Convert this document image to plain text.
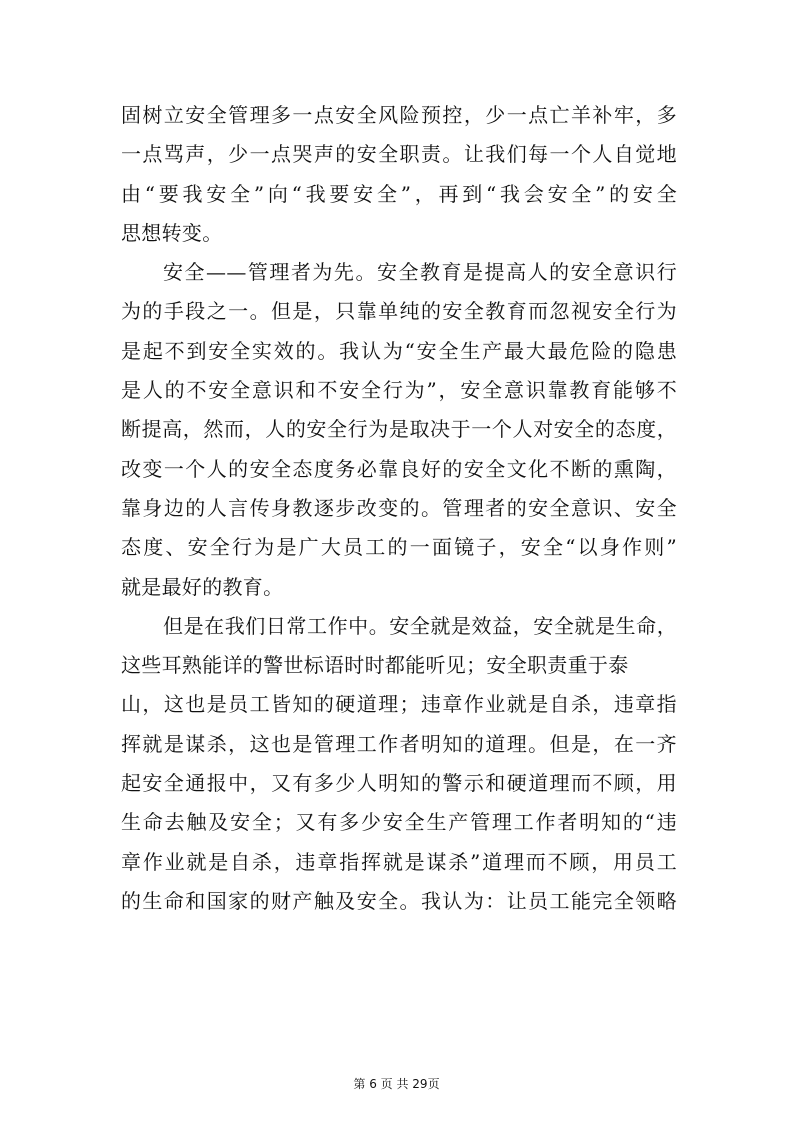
固树立安全管理多一点安全风险预控，少一点亡羊补牢，多
一点骂声，少一点哭声的安全职责。让我们每一个人自觉地
由“要我安全”向“我要安全”，再到“我会安全”的安全
思想转变。
安全——管理者为先。安全教育是提高人的安全意识行
为的手段之一。但是，只靠单纯的安全教育而忽视安全行为
是起不到安全实效的。我认为“安全生产最大最危险的隐患
是人的不安全意识和不安全行为”，安全意识靠教育能够不
断提高，然而，人的安全行为是取决于一个人对安全的态度，
改变一个人的安全态度务必靠良好的安全文化不断的熏陶，
靠身边的人言传身教逐步改变的。管理者的安全意识、安全
态度、安全行为是广大员工的一面镜子，安全“以身作则”
就是最好的教育。
但是在我们日常工作中。安全就是效益，安全就是生命，
这些耳熟能详的警世标语时时都能听见；安全职责重于泰
山，这也是员工皆知的硬道理；违章作业就是自杀，违章指
挥就是谋杀，这也是管理工作者明知的道理。但是，在一齐
起安全通报中，又有多少人明知的警示和硬道理而不顾，用
生命去触及安全；又有多少安全生产管理工作者明知的“违
章作业就是自杀，违章指挥就是谋杀”道理而不顾，用员工
的生命和国家的财产触及安全。我认为：让员工能完全领略
第 6 页 共 29页
